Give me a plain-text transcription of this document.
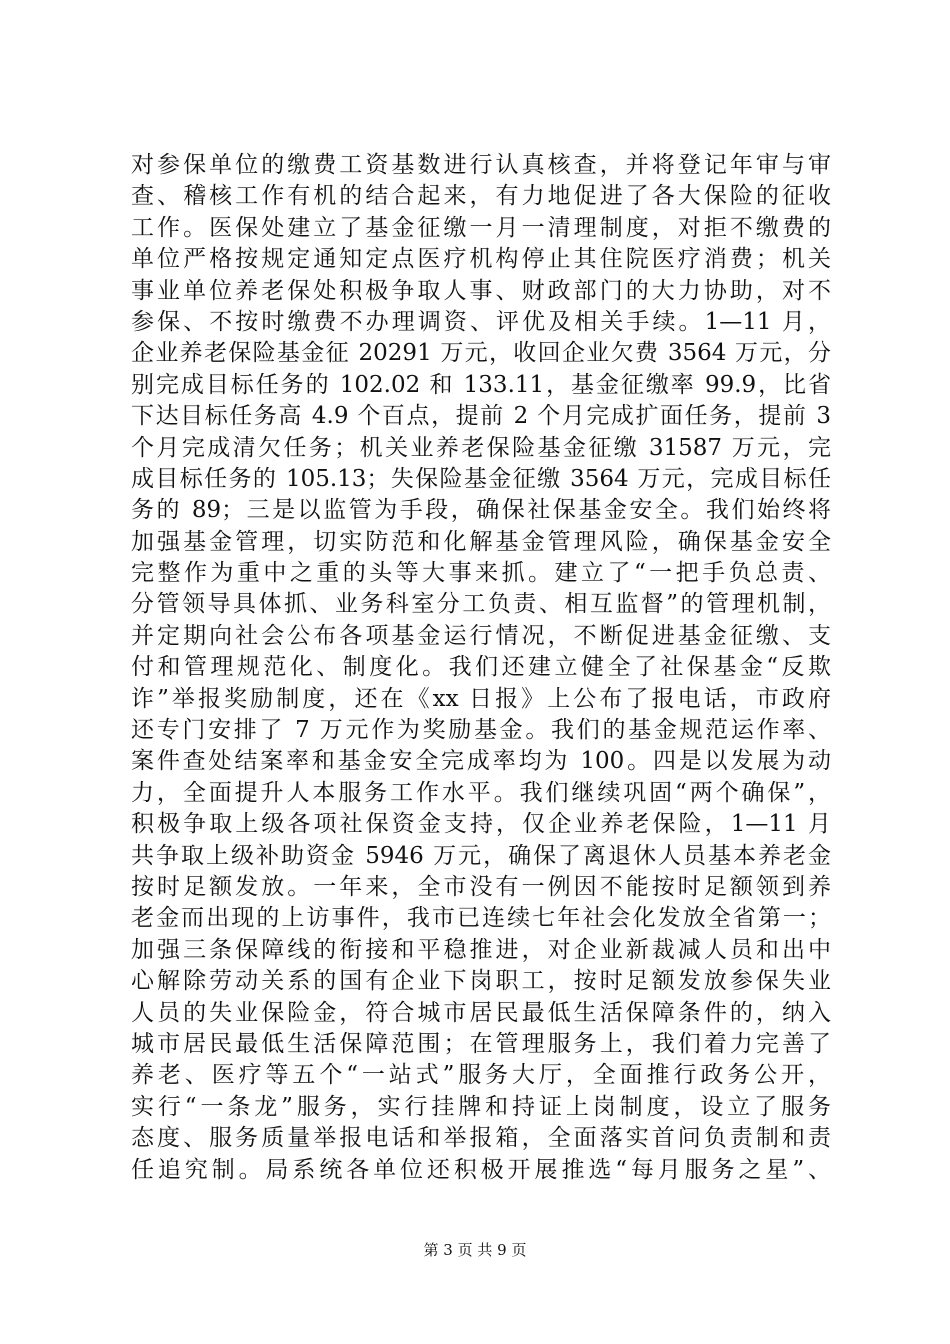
对参保单位的缴费工资基数进行认真核查，并将登记年审与审
查、稽核工作有机的结合起来，有力地促进了各大保险的征收
工作。医保处建立了基金征缴一月一清理制度，对拒不缴费的
单位严格按规定通知定点医疗机构停止其住院医疗消费；机关
事业单位养老保处积极争取人事、财政部门的大力协助，对不
参保、不按时缴费不办理调资、评优及相关手续。1—11 月，
企业养老保险基金征 20291 万元，收回企业欠费 3564 万元，分
别完成目标任务的 102.02 和 133.11，基金征缴率 99.9，比省
下达目标任务高 4.9 个百点，提前 2 个月完成扩面任务，提前 3
个月完成清欠任务；机关业养老保险基金征缴 31587 万元，完
成目标任务的 105.13；失保险基金征缴 3564 万元，完成目标任
务的 89；三是以监管为手段，确保社保基金安全。我们始终将
加强基金管理，切实防范和化解基金管理风险，确保基金安全
完整作为重中之重的头等大事来抓。建立了“一把手负总责、
分管领导具体抓、业务科室分工负责、相互监督”的管理机制，
并定期向社会公布各项基金运行情况，不断促进基金征缴、支
付和管理规范化、制度化。我们还建立健全了社保基金“反欺
诈”举报奖励制度，还在《xx 日报》上公布了报电话，市政府
还专门安排了 7 万元作为奖励基金。我们的基金规范运作率、
案件查处结案率和基金安全完成率均为 100。四是以发展为动
力，全面提升人本服务工作水平。我们继续巩固“两个确保”，
积极争取上级各项社保资金支持，仅企业养老保险，1—11 月
共争取上级补助资金 5946 万元，确保了离退休人员基本养老金
按时足额发放。一年来，全市没有一例因不能按时足额领到养
老金而出现的上访事件，我市已连续七年社会化发放全省第一；
加强三条保障线的衔接和平稳推进，对企业新裁减人员和出中
心解除劳动关系的国有企业下岗职工，按时足额发放参保失业
人员的失业保险金，符合城市居民最低生活保障条件的，纳入
城市居民最低生活保障范围；在管理服务上，我们着力完善了
养老、医疗等五个“一站式”服务大厅，全面推行政务公开，
实行“一条龙”服务，实行挂牌和持证上岗制度，设立了服务
态度、服务质量举报电话和举报箱，全面落实首问负责制和责
任追究制。局系统各单位还积极开展推选“每月服务之星”、
第 3 页 共 9 页
